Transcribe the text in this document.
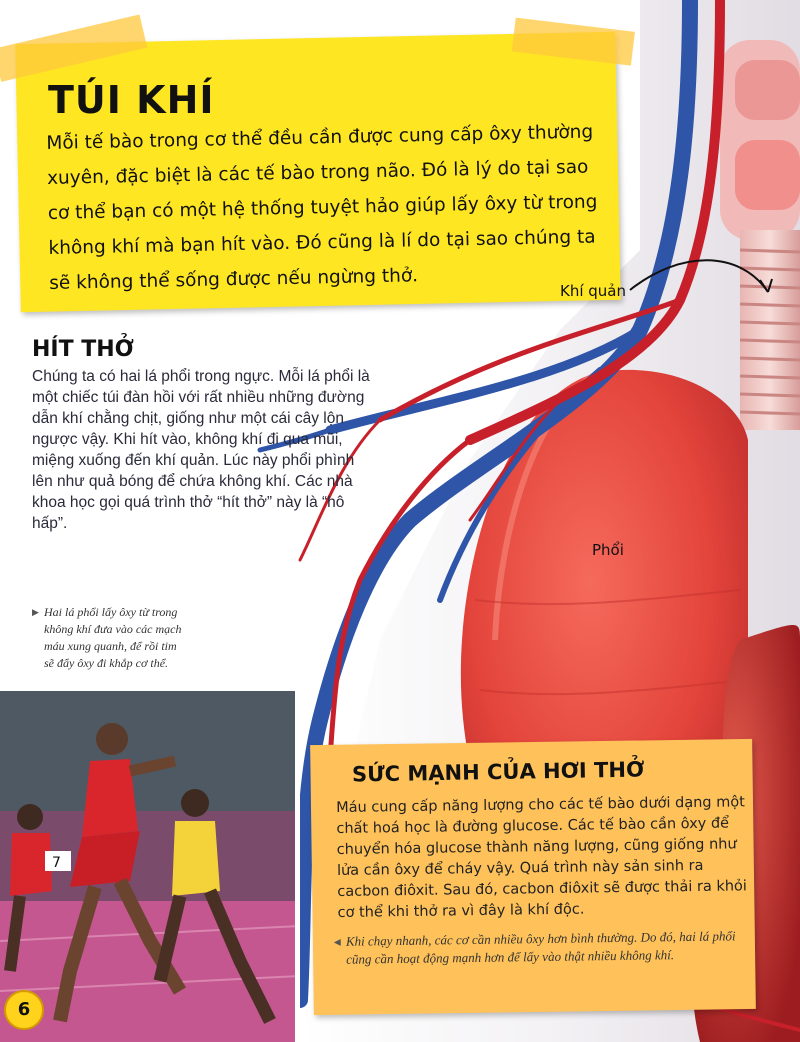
TÚI KHÍ

Mỗi tế bào trong cơ thể đều cần được cung cấp ôxy thường xuyên, đặc biệt là các tế bào trong não. Đó là lý do tại sao cơ thể bạn có một hệ thống tuyệt hảo giúp lấy ôxy từ trong không khí mà bạn hít vào. Đó cũng là lí do tại sao chúng ta sẽ không thể sống được nếu ngừng thở.	Khí quản

Phổi

HÍT THỞ

Chúng ta có hai lá phổi trong ngực. Mỗi lá phổi là một chiếc túi đàn hồi với rất nhiều những đường dẫn khí chằng chịt, giống như một cái cây lộn ngược vậy. Khi hít vào, không khí đi qua mũi, miệng xuống đến khí quản. Lúc này phổi phình lên như quả bóng để chứa không khí. Các nhà khoa học gọi quá trình thở “hít thở” này là “hô hấp”.

▶ Hai lá phổi lấy ôxy từ trong không khí đưa vào các mạch máu xung quanh, để rồi tim sẽ đẩy ôxy đi khắp cơ thể.
7
6
SỨC MẠNH CỦA HƠI THỞ

Máu cung cấp năng lượng cho các tế bào dưới dạng một chất hoá học là đường glucose. Các tế bào cần ôxy để chuyển hóa glucose thành năng lượng, cũng giống như lửa cần ôxy để cháy vậy. Quá trình này sản sinh ra cacbon điôxit. Sau đó, cacbon điôxit sẽ được thải ra khỏi cơ thể khi thở ra vì đây là khí độc.

◀ Khi chạy nhanh, các cơ cần nhiều ôxy hơn bình thường. Do đó, hai lá phổi cũng cần hoạt động mạnh hơn để lấy vào thật nhiều không khí.
